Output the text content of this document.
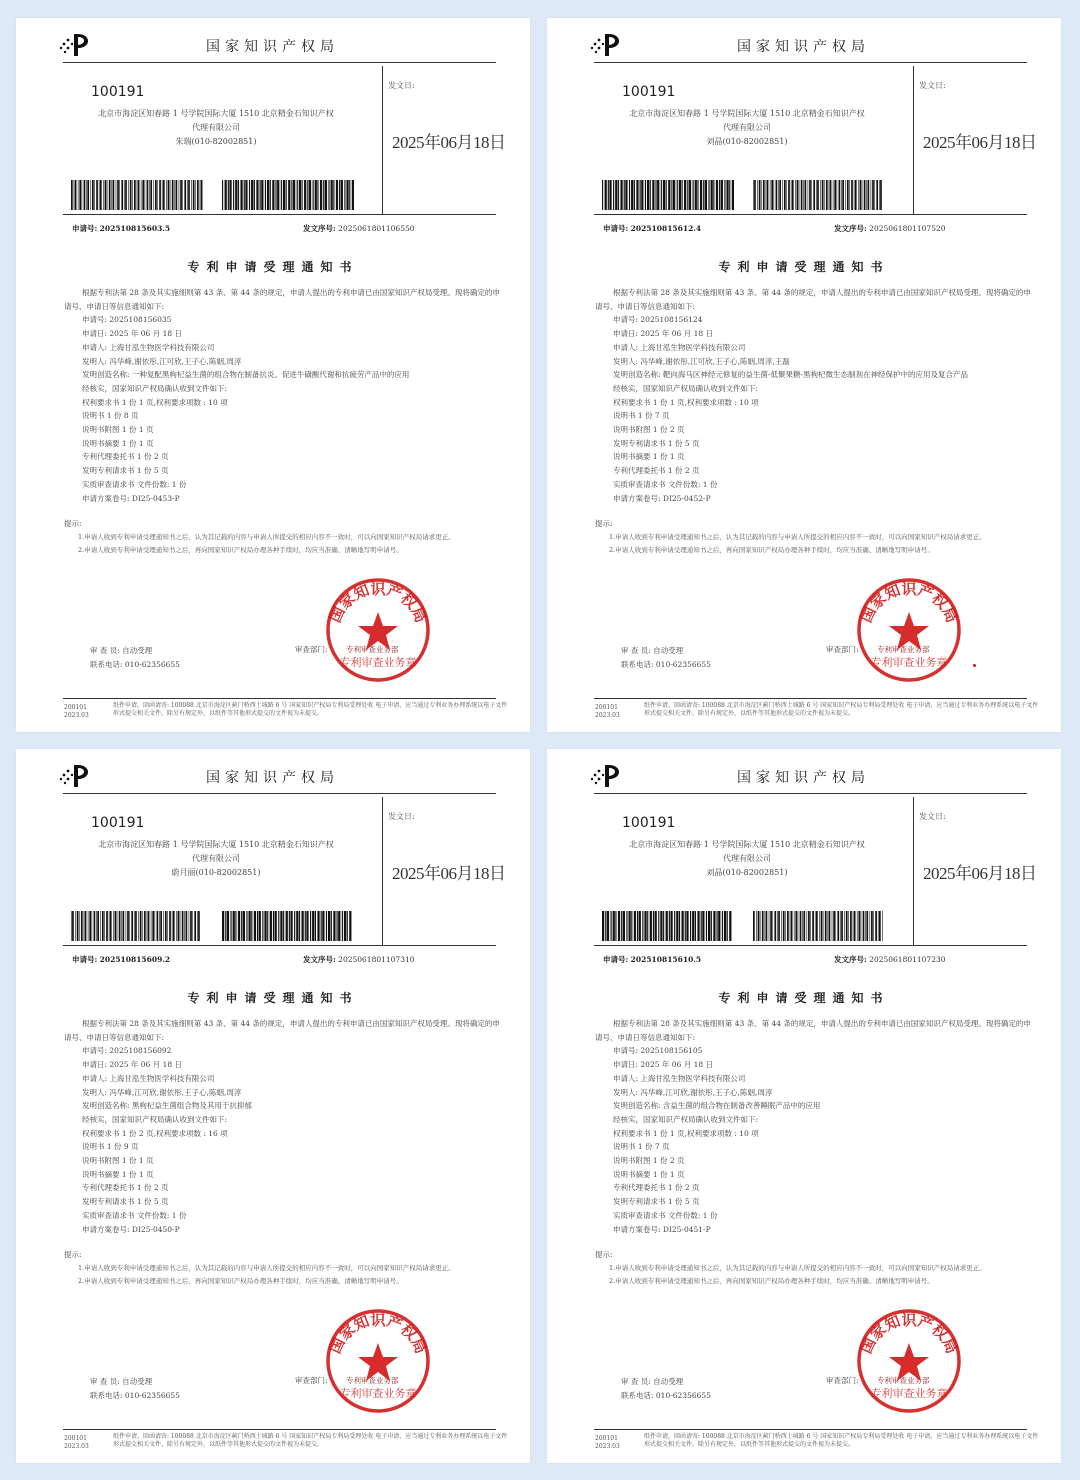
国家知识产权局
100191
北京市海淀区知春路 1 号学院国际大厦 1510 北京精金石知识产权
代理有限公司
朱瑞(010-82002851)
发文日:
2025年06月18日
申请号: 202510815603.5	发文序号: 2025061801106550
专利申请受理通知书

根据专利法第 28 条及其实施细则第 43 条、第 44 条的规定，申请人提出的专利申请已由国家知识产权局受理。现将确定的申请号、申请日等信息通知如下:

申请号: 2025108156035
申请日: 2025 年 06 月 18 日
申请人: 上海甘泓生物医学科技有限公司
发明人: 冯华峰,谢依彤,江可欣,王子心,陈姻,周淳
发明创造名称: 一种复配黑枸杞益生菌的组合物在制备抗炎、促进牛磺酸代谢和抗疲劳产品中的应用
经核实，国家知识产权局确认收到文件如下:
权利要求书 1 份 1 页,权利要求项数 : 10 项
说明书 1 份 8 页
说明书附图 1 份 1 页
说明书摘要 1 份 1 页
专利代理委托书 1 份 2 页
发明专利请求书 1 份 5 页
实质审查请求书 文件份数: 1 份
申请方案卷号: DI25-0453-P
提示:
1.申请人收到专利申请受理通知书之后，认为其记载的内容与申请人所提交的相应内容不一致时，可以向国家知识产权局请求更正。
2.申请人收到专利申请受理通知书之后，再向国家知识产权局办理各种手续时，均应当准确、清晰地写明申请号。
审 查 员: 自动受理
联系电话: 010-62356655
审查部门: 专利审查业务部
国家知识产权局
专利审查业务章
200101
2023.03
纸件申请，回函请寄: 100088 北京市海淀区蓟门桥西土城路 6 号 国家知识产权局专利局受理处收 电子申请，应当通过专利业务办理系统以电子文件形式提交相关文件。除另有规定外，以纸件等其他形式提交的文件视为未提交。
国家知识产权局
100191
北京市海淀区知春路 1 号学院国际大厦 1510 北京精金石知识产权
代理有限公司
刘晶(010-82002851)
发文日:
2025年06月18日
申请号: 202510815612.4	发文序号: 2025061801107520
专利申请受理通知书

根据专利法第 28 条及其实施细则第 43 条、第 44 条的规定，申请人提出的专利申请已由国家知识产权局受理。现将确定的申请号、申请日等信息通知如下:

申请号: 2025108156124
申请日: 2025 年 06 月 18 日
申请人: 上海甘泓生物医学科技有限公司
发明人: 冯华峰,谢依彤,江可欣,王子心,陈姻,周淳,王磊
发明创造名称: 靶向海马区神经元修复的益生菌-低聚果糖-黑枸杞微生态制剂在神经保护中的应用及复合产品
经核实，国家知识产权局确认收到文件如下:
权利要求书 1 份 1 页,权利要求项数 : 10 项
说明书 1 份 7 页
说明书附图 1 份 2 页
发明专利请求书 1 份 5 页
说明书摘要 1 份 1 页
专利代理委托书 1 份 2 页
实质审查请求书 文件份数: 1 份
申请方案卷号: DI25-0452-P
提示:
1.申请人收到专利申请受理通知书之后，认为其记载的内容与申请人所提交的相应内容不一致时，可以向国家知识产权局请求更正。
2.申请人收到专利申请受理通知书之后，再向国家知识产权局办理各种手续时，均应当准确、清晰地写明申请号。
审 查 员: 自动受理
联系电话: 010-62356655
审查部门: 专利审查业务部
国家知识产权局
专利审查业务章
200101
2023.03
纸件申请，回函请寄: 100088 北京市海淀区蓟门桥西土城路 6 号 国家知识产权局专利局受理处收 电子申请，应当通过专利业务办理系统以电子文件形式提交相关文件。除另有规定外，以纸件等其他形式提交的文件视为未提交。
国家知识产权局
100191
北京市海淀区知春路 1 号学院国际大厦 1510 北京精金石知识产权
代理有限公司
蔚月丽(010-82002851)
发文日:
2025年06月18日
申请号: 202510815609.2	发文序号: 2025061801107310
专利申请受理通知书

根据专利法第 28 条及其实施细则第 43 条、第 44 条的规定，申请人提出的专利申请已由国家知识产权局受理。现将确定的申请号、申请日等信息通知如下:

申请号: 2025108156092
申请日: 2025 年 06 月 18 日
申请人: 上海甘泓生物医学科技有限公司
发明人: 冯华峰,江可欣,谢依彤,王子心,陈姻,周淳
发明创造名称: 黑枸杞益生菌组合物及其用于抗抑郁
经核实，国家知识产权局确认收到文件如下:
权利要求书 1 份 2 页,权利要求项数 : 16 项
说明书 1 份 9 页
说明书附图 1 份 1 页
说明书摘要 1 份 1 页
专利代理委托书 1 份 2 页
发明专利请求书 1 份 5 页
实质审查请求书 文件份数: 1 份
申请方案卷号: DI25-0450-P
提示:
1.申请人收到专利申请受理通知书之后，认为其记载的内容与申请人所提交的相应内容不一致时，可以向国家知识产权局请求更正。
2.申请人收到专利申请受理通知书之后，再向国家知识产权局办理各种手续时，均应当准确、清晰地写明申请号。
审 查 员: 自动受理
联系电话: 010-62356655
审查部门: 专利审查业务部
国家知识产权局
专利审查业务章
200101
2023.03
纸件申请，回函请寄: 100088 北京市海淀区蓟门桥西土城路 6 号 国家知识产权局专利局受理处收 电子申请，应当通过专利业务办理系统以电子文件形式提交相关文件。除另有规定外，以纸件等其他形式提交的文件视为未提交。
国家知识产权局
100191
北京市海淀区知春路 1 号学院国际大厦 1510 北京精金石知识产权
代理有限公司
刘晶(010-82002851)
发文日:
2025年06月18日
申请号: 202510815610.5	发文序号: 2025061801107230
专利申请受理通知书

根据专利法第 28 条及其实施细则第 43 条、第 44 条的规定，申请人提出的专利申请已由国家知识产权局受理。现将确定的申请号、申请日等信息通知如下:

申请号: 2025108156105
申请日: 2025 年 06 月 18 日
申请人: 上海甘泓生物医学科技有限公司
发明人: 冯华峰,江可欣,谢依彤,王子心,陈姻,周淳
发明创造名称: 含益生菌的组合物在制备改善睡眠产品中的应用
经核实，国家知识产权局确认收到文件如下:
权利要求书 1 份 1 页,权利要求项数 : 10 项
说明书 1 份 7 页
说明书附图 1 份 2 页
说明书摘要 1 份 1 页
专利代理委托书 1 份 2 页
发明专利请求书 1 份 5 页
实质审查请求书 文件份数: 1 份
申请方案卷号: DI25-0451-P
提示:
1.申请人收到专利申请受理通知书之后，认为其记载的内容与申请人所提交的相应内容不一致时，可以向国家知识产权局请求更正。
2.申请人收到专利申请受理通知书之后，再向国家知识产权局办理各种手续时，均应当准确、清晰地写明申请号。
审 查 员: 自动受理
联系电话: 010-62356655
审查部门: 专利审查业务部
国家知识产权局
专利审查业务章
200101
2023.03
纸件申请，回函请寄: 100088 北京市海淀区蓟门桥西土城路 6 号 国家知识产权局专利局受理处收 电子申请，应当通过专利业务办理系统以电子文件形式提交相关文件。除另有规定外，以纸件等其他形式提交的文件视为未提交。
